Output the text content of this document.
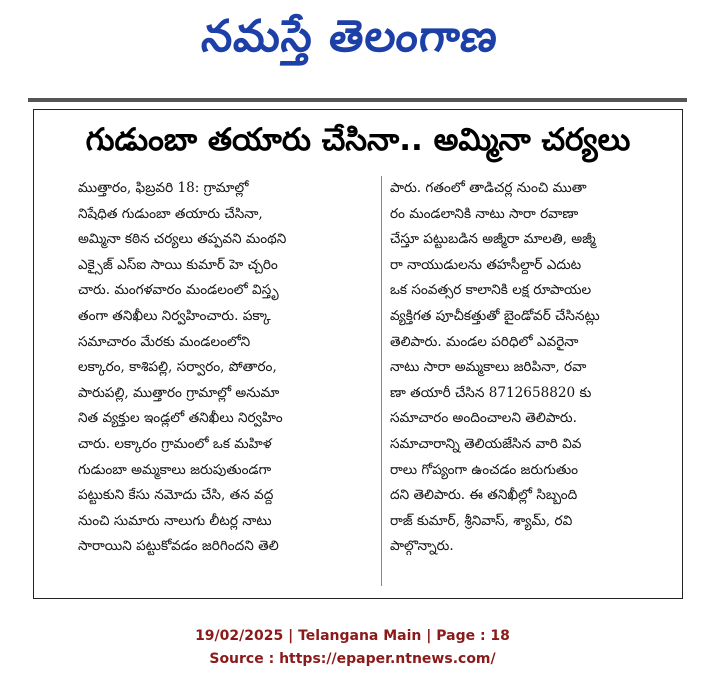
నమస్తే తెలంగాణ
గుడుంబా తయారు చేసినా.. అమ్మినా చర్యలు
ముత్తారం, ఫిబ్రవరి 18: గ్రామాల్లో
నిషేధిత గుడుంబా తయారు చేసినా,
అమ్మినా కఠిన చర్యలు తప్పవని మంథని
ఎక్సైజ్ ఎస్ఐ సాయి కుమార్ హె చ్చరిం
చారు. మంగళవారం మండలంలో విస్తృ
తంగా తనిఖీలు నిర్వహించారు. పక్కా
సమాచారం మేరకు మండలంలోని
లక్కారం, కాశిపల్లి, సర్వారం, పోతారం,
పారుపల్లి, ముత్తారం గ్రామాల్లో అనుమా
నిత వ్యక్తుల ఇండ్లలో తనిఖీలు నిర్వహిం
చారు. లక్కారం గ్రామంలో ఒక మహిళ
గుడుంబా అమ్మకాలు జరుపుతుండగా
పట్టుకుని కేసు నమోదు చేసి, తన వద్ద
నుంచి సుమారు నాలుగు లీటర్ల నాటు
సారాయిని పట్టుకోవడం జరిగిందని తెలి
పారు. గతంలో తాడిచర్ల నుంచి ముతా
రం మండలానికి నాటు సారా రవాణా
చేస్తూ పట్టుబడిన అజ్మీరా మాలతి, అజ్మీ
రా నాయుడులను తహసీల్దార్ ఎదుట
ఒక సంవత్సర కాలానికి లక్ష రూపాయల
వ్యక్తిగత పూచీకత్తుతో బైండోవర్ చేసినట్లు
తెలిపారు. మండల పరిధిలో ఎవరైనా
నాటు సారా అమ్మకాలు జరిపినా, రవా
ణా తయారీ చేసిన 8712658820 కు
సమాచారం అందించాలని తెలిపారు.
సమాచారాన్ని తెలియజేసిన వారి వివ
రాలు గోప్యంగా ఉంచడం జరుగుతుం
దని తెలిపారు. ఈ తనిఖీల్లో సిబ్బంది
రాజ్ కుమార్, శ్రీనివాస్, శ్యామ్, రవి
పాల్గొన్నారు.
19/02/2025 | Telangana Main | Page : 18
Source : https://epaper.ntnews.com/
